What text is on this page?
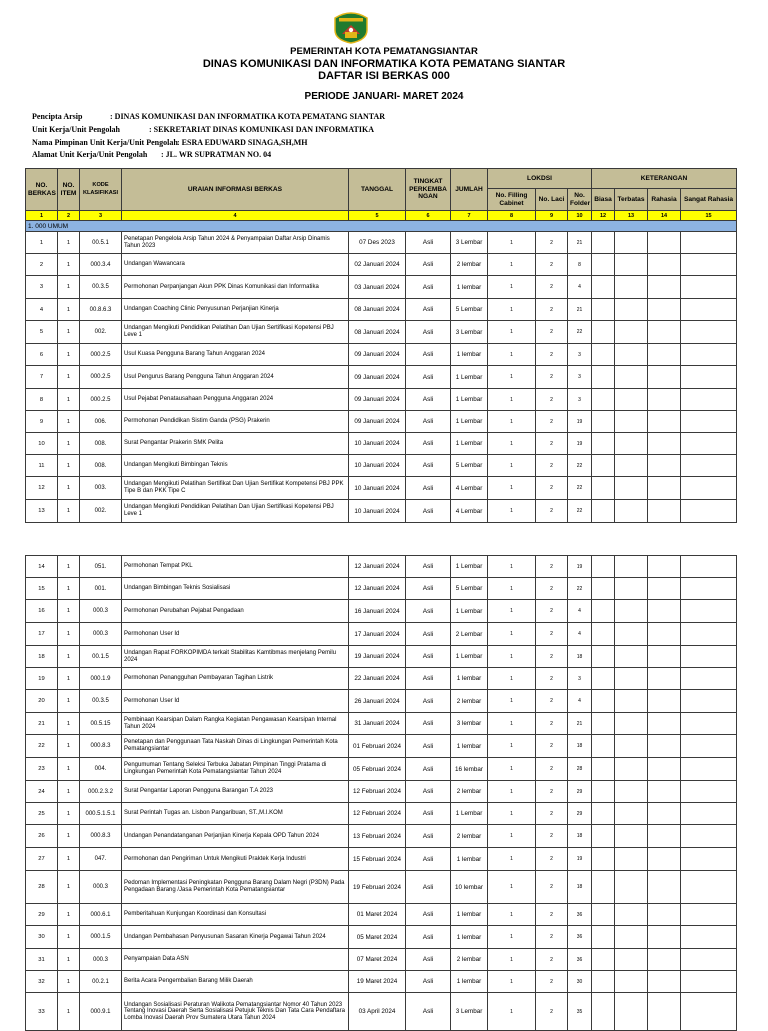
PEMERINTAH KOTA PEMATANGSIANTAR
DINAS KOMUNIKASI DAN INFORMATIKA KOTA PEMATANG SIANTAR
DAFTAR ISI BERKAS 000
PERIODE JANUARI- MARET 2024
Pencipta Arsip	: DINAS KOMUNIKASI DAN INFORMATIKA KOTA PEMATANG SIANTAR
Unit Kerja/Unit Pengolah	: SEKRETARIAT DINAS KOMUNIKASI DAN INFORMATIKA
Nama Pimpinan Unit Kerja/Unit Pengolah : ESRA EDUWARD SINAGA,SH,MH
Alamat Unit Kerja/Unit Pengolah : JL. WR SUPRATMAN NO. 04
NO. BERKAS	NO. ITEM	KODE KLASIFIKASI	URAIAN INFORMASI BERKAS	TANGGAL	TINGKAT PERKEMBA NGAN	JUMLAH	LOKDSI			KETERANGAN			
							No. Filling Cabinet	No. Laci	No. Folder	Biasa	Terbatas	Rahasia	Sangat Rahasia
1	2	3	4	5	6	7	8	9	10	12	13	14	15
1. 000 UMUM													
1	1	00.5.1	Penetapan Pengelola Arsip Tahun 2024 & Penyampaian Daftar Arsip Dinamis Tahun 2023	07 Des 2023	Asli	3 Lembar	1	2	21				
2	1	000.3.4	Undangan Wawancara	02 Januari 2024	Asli	2 lembar	1	2	8				
3	1	00.3.5	Permohonan Perpanjangan Akun PPK Dinas Komunikasi dan Informatika	03 Januari 2024	Asli	1 lembar	1	2	4				
4	1	00.8.6.3	Undangan Coaching Clinic Penyusunan Perjanjian Kinerja	08 Januari 2024	Asli	5 Lembar	1	2	21				
5	1	002.	Undangan Mengikuti Pendidikan Pelatihan Dan Ujian Sertifikasi Kopetensi PBJ Leve 1	08 Januari 2024	Asli	3 Lembar	1	2	22				
6	1	000.2.5	Usul Kuasa Pengguna Barang Tahun Anggaran 2024	09 Januari 2024	Asli	1 lembar	1	2	3				
7	1	000.2.5	Usul Pengurus Barang Pengguna Tahun Anggaran 2024	09 Januari 2024	Asli	1 Lembar	1	2	3				
8	1	000.2.5	Usul Pejabat Penatausahaan Pengguna Anggaran 2024	09 Januari 2024	Asli	1 Lembar	1	2	3				
9	1	006.	Permohonan Pendidikan Sistim Ganda (PSG) Prakerin	09 Januari 2024	Asli	1 Lembar	1	2	19				
10	1	008.	Surat Pengantar Prakerin SMK Pelita	10 Januari 2024	Asli	1 Lembar	1	2	19				
11	1	008.	Undangan Mengikuti Bimbingan Teknis	10 Januari 2024	Asli	5 Lembar	1	2	22				
12	1	003.	Undangan Mengikuti Pelatihan Sertifikat Dan Ujian Sertifikat Kompetensi PBJ PPK Tipe B dan PKK Tipe C	10 Januari 2024	Asli	4 Lembar	1	2	22				
13	1	002.	Undangan Mengikuti Pendidikan Pelatihan Dan Ujian Sertifikasi Kopetensi PBJ Leve 1	10 Januari 2024	Asli	4 Lembar	1	2	22				
14	1	051.	Permohonan Tempat PKL	12 Januari 2024	Asli	1 Lembar	1	2	19				
15	1	001.	Undangan Bimbingan Teknis Sosialisasi	12 Januari 2024	Asli	5 Lembar	1	2	22				
16	1	000.3	Permohonan Perubahan Pejabat Pengadaan	16 Januari 2024	Asli	1 Lembar	1	2	4				
17	1	000.3	Permohonan User Id	17 Januari 2024	Asli	2 Lembar	1	2	4				
18	1	00.1.5	Undangan Rapat FORKOPIMDA terkait Stabilitas Kamtibmas menjelang Pemilu 2024	19 Januari 2024	Asli	1 Lembar	1	2	18				
19	1	000.1.9	Permohonan Penangguhan Pembayaran Tagihan Listrik	22 Januari 2024	Asli	1 lembar	1	2	3				
20	1	00.3.5	Permohonan User Id	26 Januari 2024	Asli	2 lembar	1	2	4				
21	1	00.5.15	Pembinaan Kearsipan Dalam Rangka Kegiatan Pengawasan Kearsipan Internal Tahun 2024	31 Januari 2024	Asli	3 lembar	1	2	21				
22	1	000.8.3	Penetapan dan Penggunaan Tata Naskah Dinas di Lingkungan Pemerintah Kota Pematangsiantar	01 Februari 2024	Asli	1 lembar	1	2	18				
23	1	004.	Pengumuman Tentang Seleksi Terbuka Jabatan Pimpinan Tinggi Pratama di Lingkungan Pemerintah Kota Pematangsiantar Tahun 2024	05 Februari 2024	Asli	16 lembar	1	2	28				
24	1	000.2.3.2	Surat Pengantar Laporan Pengguna Barangan T.A 2023	12 Februari 2024	Asli	2 lembar	1	2	29				
25	1	000.5.1.5.1	Surat Perintah Tugas an. Lisbon Pangaribuan, ST.,M.I.KOM	12 Februari 2024	Asli	1 Lembar	1	2	29				
26	1	000.8.3	Undangan Penandatanganan Perjanjian Kinerja Kepala OPD Tahun 2024	13 Februari 2024	Asli	2 lembar	1	2	18				
27	1	047.	Permohonan dan Pengiriman Untuk Mengikuti Praktek Kerja Industri	15 Februari 2024	Asli	1 lembar	1	2	19				
28	1	000.3	Pedoman Implementasi Peningkatan Pengguna Barang Dalam Negri (P3DN) Pada Pengadaan Barang /Jasa Pemerintah Kota Pematangsiantar	19 Februari 2024	Asli	10 lembar	1	2	18				
29	1	000.6.1	Pemberitahuan Kunjungan Koordinasi dan Konsultasi	01 Maret 2024	Asli	1 lembar	1	2	36				
30	1	000.1.5	Undangan Pembahasan Penyusunan Sasaran Kinerja Pegawai Tahun 2024	05 Maret 2024	Asli	1 lembar	1	2	36				
31	1	000.3	Penyampaian Data ASN	07 Maret 2024	Asli	2 lembar	1	2	36				
32	1	00.2.1	Berita Acara Pengembalian Barang Milik Daerah	19 Maret 2024	Asli	1 lembar	1	2	30				
33	1	000.9.1	Undangan Sosialisasi Peraturan Walikota Pematangsiantar Nomor 40 Tahun 2023 Tentang Inovasi Daerah Serta Sosialisasi Petujuk Teknis Dan Tata Cara Pendaftara Lomba Inovasi Daerah Prov Sumatera Utara Tahun 2024	03 April 2024	Asli	3 Lembar	1	2	35				
